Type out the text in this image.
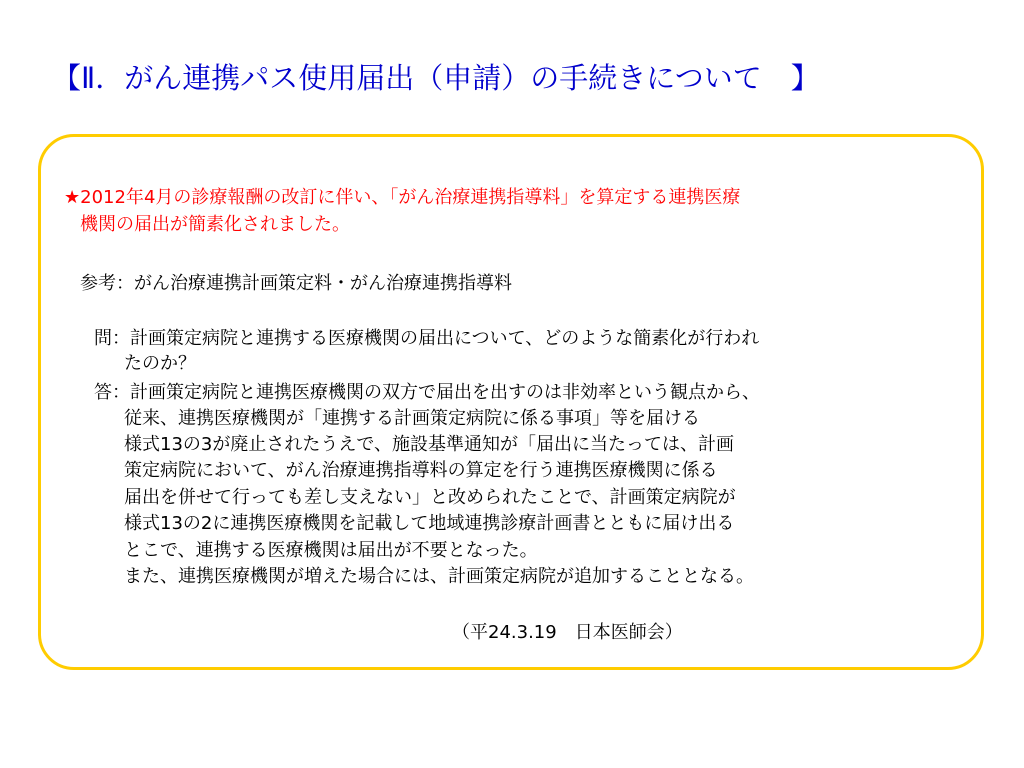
【Ⅱ．がん連携パス使用届出（申請）の手続きについて　】
★2012年4月の診療報酬の改訂に伴い、「がん治療連携指導料」を算定する連携医療
機関の届出が簡素化されました。
参考：がん治療連携計画策定料・がん治療連携指導料
問：計画策定病院と連携する医療機関の届出について、どのような簡素化が行われ
たのか？
答：計画策定病院と連携医療機関の双方で届出を出すのは非効率という観点から、
従来、連携医療機関が「連携する計画策定病院に係る事項」等を届ける
様式13の3が廃止されたうえで、施設基準通知が「届出に当たっては、計画
策定病院において、がん治療連携指導料の算定を行う連携医療機関に係る
届出を併せて行っても差し支えない」と改められたことで、計画策定病院が
様式13の2に連携医療機関を記載して地域連携診療計画書とともに届け出る
とこで、連携する医療機関は届出が不要となった。
また、連携医療機関が増えた場合には、計画策定病院が追加することとなる。
（平24.3.19　日本医師会）
